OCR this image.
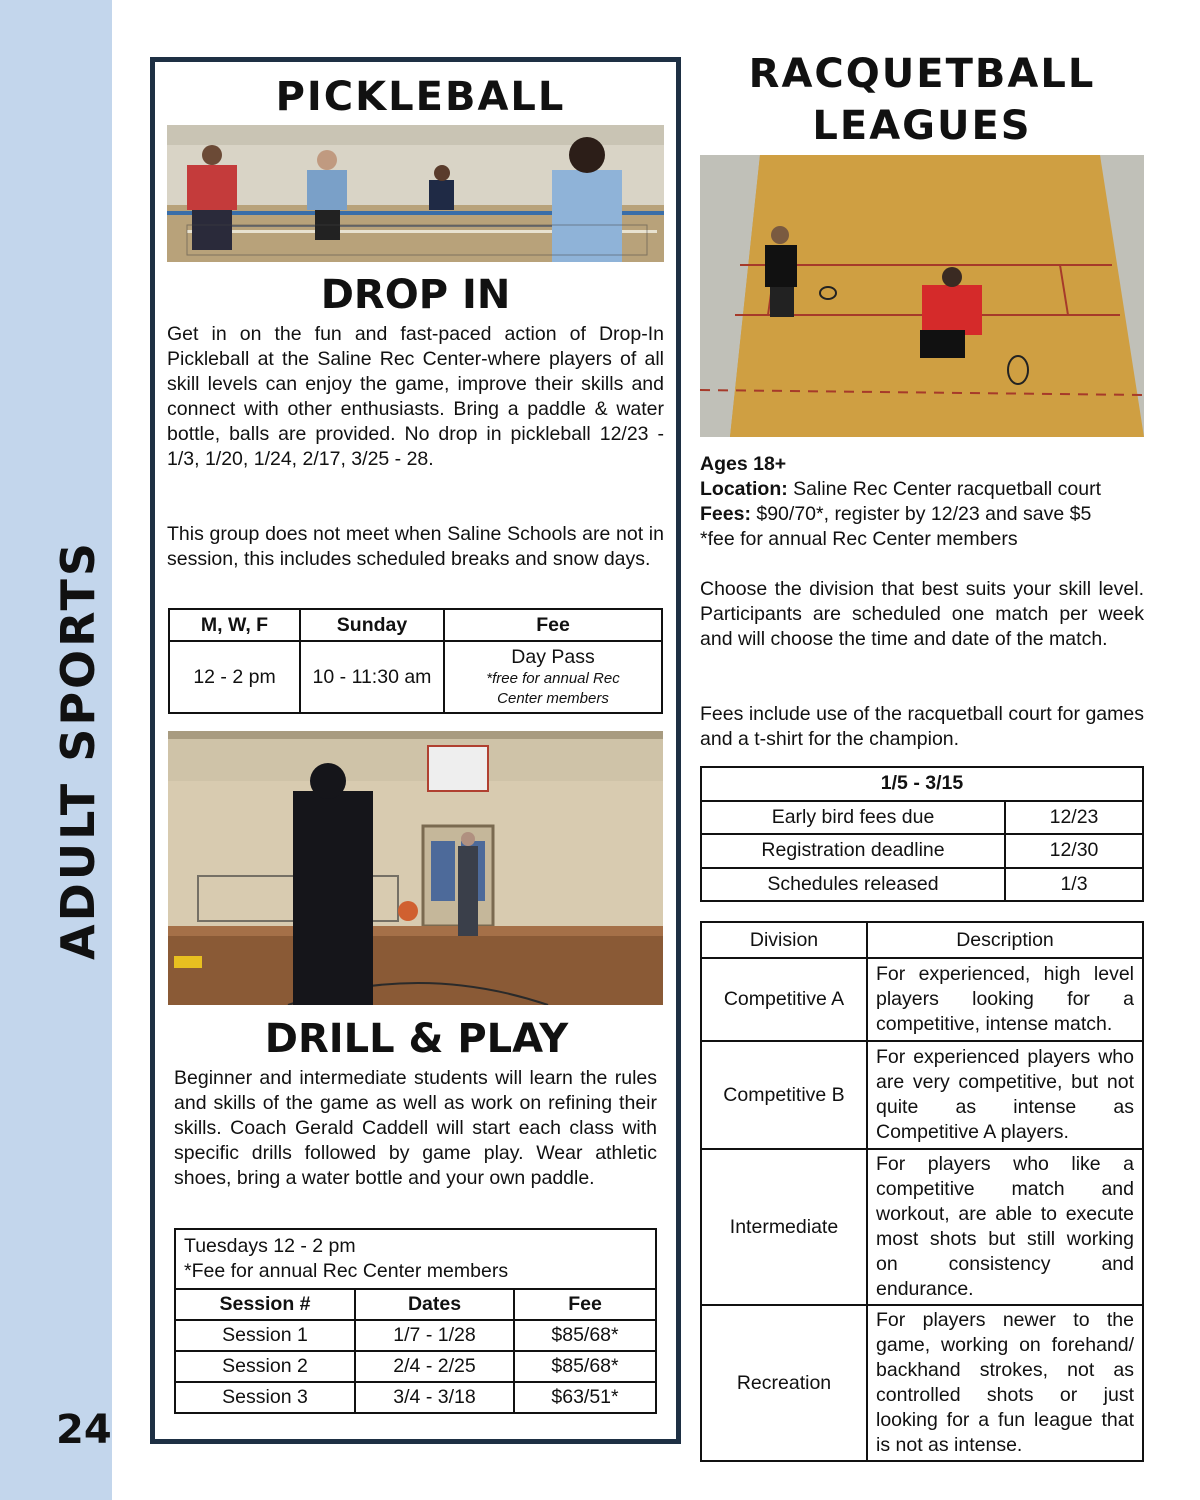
ADULT SPORTS
24
PICKLEBALL
DROP IN
Get in on the fun and fast-paced action of Drop-In Pickleball at the Saline Rec Center-where players of all skill levels can enjoy the game, improve their skills and connect with other enthusiasts. Bring a paddle & water bottle, balls are provided. No drop in pickleball 12/23 - 1/3, 1/20, 1/24, 2/17, 3/25 - 28.
This group does not meet when Saline Schools are not in session, this includes scheduled breaks and snow days.
M, W, F	Sunday	Fee
12 - 2 pm	10 - 11:30 am	Day Pass
*free for annual Rec Center members
DRILL & PLAY
Beginner and intermediate students will learn the rules and skills of the game as well as work on refining their skills. Coach Gerald Caddell will start each class with specific drills followed by game play. Wear athletic shoes, bring a water bottle and your own paddle.
Tuesdays 12 - 2 pm
*Fee for annual Rec Center members		

Session #	Dates	Fee
Session 1	1/7 - 1/28	$85/68*
Session 2	2/4 - 2/25	$85/68*
Session 3	3/4 - 3/18	$63/51*
RACQUETBALL
LEAGUES
Ages 18+
Location: Saline Rec Center racquetball court
Fees: $90/70*, register by 12/23 and save $5
*fee for annual Rec Center members
Choose the division that best suits your skill level. Participants are scheduled one match per week and will choose the time and date of the match.
Fees include use of the racquetball court for games and a t-shirt for the champion.
1/5 - 3/15	
Early bird fees due	12/23
Registration deadline	12/30
Schedules released	1/3
Division	Description
Competitive A	For experienced, high level players looking for a competitive, intense match.
Competitive B	For experienced players who are very competitive, but not quite as intense as Competitive A players.
Intermediate	For players who like a competitive match and workout, are able to execute most shots but still working on consistency and endurance.
Recreation	For players newer to the game, working on forehand/ backhand strokes, not as controlled shots or just looking for a fun league that is not as intense.
